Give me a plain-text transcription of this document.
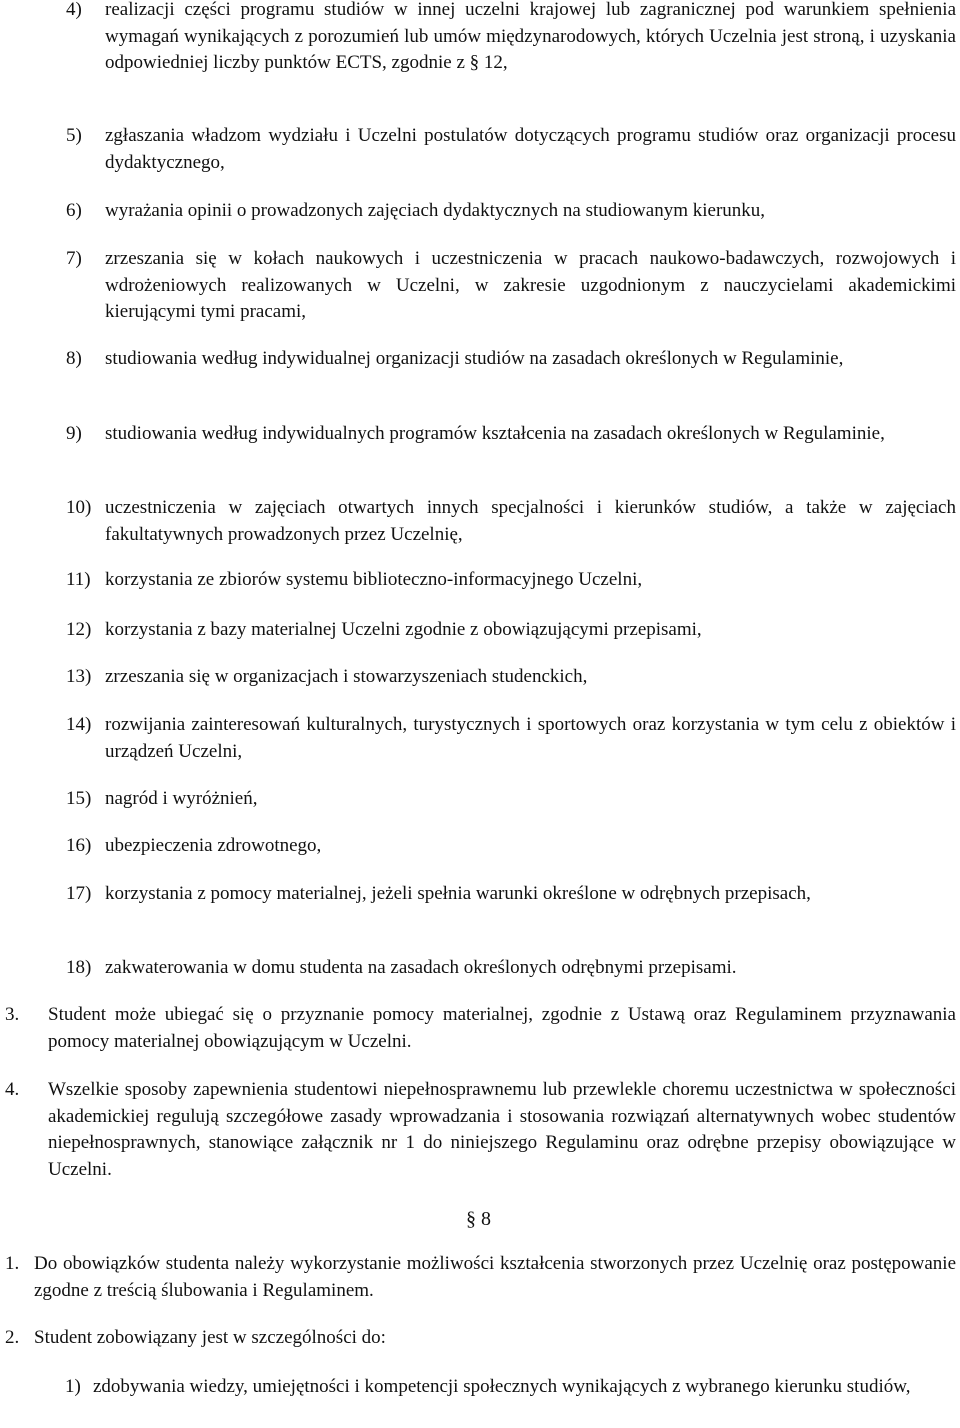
4) realizacji części programu studiów w innej uczelni krajowej lub zagranicznej pod warunkiem spełnienia wymagań wynikających z porozumień lub umów międzynarodowych, których Uczelnia jest stroną, i uzyskania odpowiedniej liczby punktów ECTS, zgodnie z § 12,
5) zgłaszania władzom wydziału i Uczelni postulatów dotyczących programu studiów oraz organizacji procesu dydaktycznego,
6) wyrażania opinii o prowadzonych zajęciach dydaktycznych na studiowanym kierunku,
7) zrzeszania się w kołach naukowych i uczestniczenia w pracach naukowo-badawczych, rozwojowych i wdrożeniowych realizowanych w Uczelni, w zakresie uzgodnionym z nauczycielami akademickimi kierującymi tymi pracami,
8) studiowania według indywidualnej organizacji studiów na zasadach określonych w Regulaminie,
9) studiowania według indywidualnych programów kształcenia na zasadach określonych w Regulaminie,
10) uczestniczenia w zajęciach otwartych innych specjalności i kierunków studiów, a także w zajęciach fakultatywnych prowadzonych przez Uczelnię,
11) korzystania ze zbiorów systemu biblioteczno-informacyjnego Uczelni,
12) korzystania z bazy materialnej Uczelni zgodnie z obowiązującymi przepisami,
13) zrzeszania się w organizacjach i stowarzyszeniach studenckich,
14) rozwijania zainteresowań kulturalnych, turystycznych i sportowych oraz korzystania w tym celu z obiektów i urządzeń Uczelni,
15) nagród i wyróżnień,
16) ubezpieczenia zdrowotnego,
17) korzystania z pomocy materialnej, jeżeli spełnia warunki określone w odrębnych przepisach,
18) zakwaterowania w domu studenta na zasadach określonych odrębnymi przepisami.
3. Student może ubiegać się o przyznanie pomocy materialnej, zgodnie z Ustawą oraz Regulaminem przyznawania pomocy materialnej obowiązującym w Uczelni.
4. Wszelkie sposoby zapewnienia studentowi niepełnosprawnemu lub przewlekle choremu uczestnictwa w społeczności akademickiej regulują szczegółowe zasady wprowadzania i stosowania rozwiązań alternatywnych wobec studentów niepełnosprawnych, stanowiące załącznik nr 1 do niniejszego Regulaminu oraz odrębne przepisy obowiązujące w Uczelni.
§ 8
1. Do obowiązków studenta należy wykorzystanie możliwości kształcenia stworzonych przez Uczelnię oraz postępowanie zgodne z treścią ślubowania i Regulaminem.
2. Student zobowiązany jest w szczególności do:
1) zdobywania wiedzy, umiejętności i kompetencji społecznych wynikających z wybranego kierunku studiów,
